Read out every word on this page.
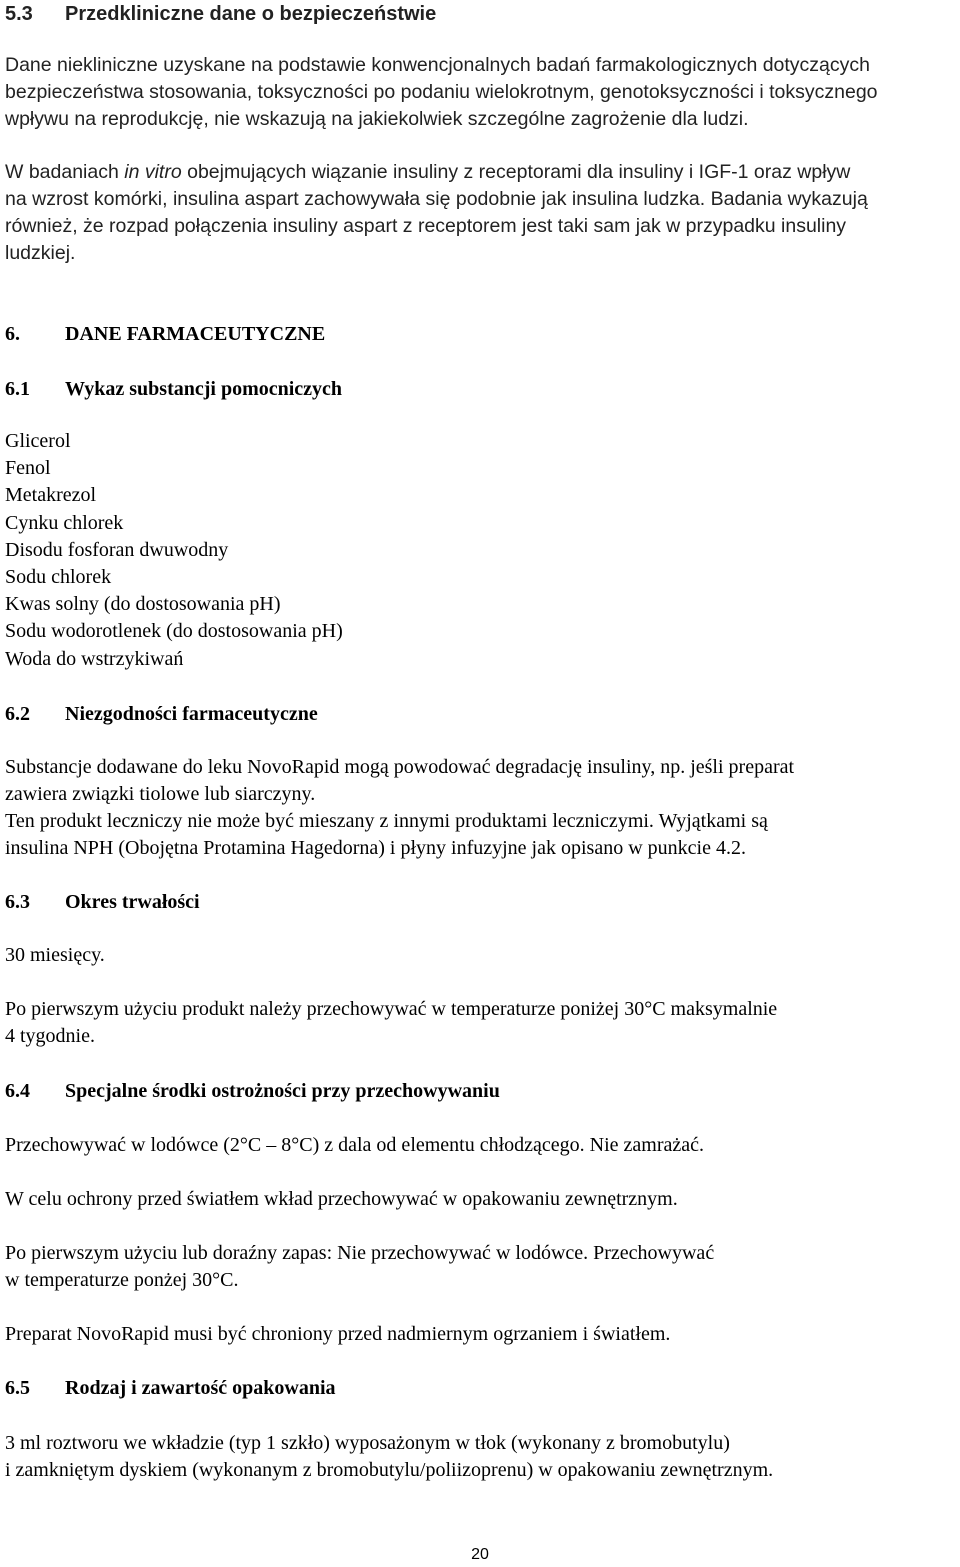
5.3 Przedkliniczne dane o bezpieczeństwie
Dane niekliniczne uzyskane na podstawie konwencjonalnych badań farmakologicznych dotyczących
bezpieczeństwa stosowania, toksyczności po podaniu wielokrotnym, genotoksyczności i toksycznego
wpływu na reprodukcję, nie wskazują na jakiekolwiek szczególne zagrożenie dla ludzi.
W badaniach in vitro obejmujących wiązanie insuliny z receptorami dla insuliny i IGF-1 oraz wpływ
na wzrost komórki, insulina aspart zachowywała się podobnie jak insulina ludzka. Badania wykazują
również, że rozpad połączenia insuliny aspart z receptorem jest taki sam jak w przypadku insuliny
ludzkiej.
6. DANE FARMACEUTYCZNE
6.1 Wykaz substancji pomocniczych
Glicerol
Fenol
Metakrezol
Cynku chlorek
Disodu fosforan dwuwodny
Sodu chlorek
Kwas solny (do dostosowania pH)
Sodu wodorotlenek (do dostosowania pH)
Woda do wstrzykiwań
6.2 Niezgodności farmaceutyczne
Substancje dodawane do leku NovoRapid mogą powodować degradację insuliny, np. jeśli preparat
zawiera związki tiolowe lub siarczyny.
Ten produkt leczniczy nie może być mieszany z innymi produktami leczniczymi. Wyjątkami są
insulina NPH (Obojętna Protamina Hagedorna) i płyny infuzyjne jak opisano w punkcie 4.2.
6.3 Okres trwałości
30 miesięcy.
Po pierwszym użyciu produkt należy przechowywać w temperaturze poniżej 30°C maksymalnie
4 tygodnie.
6.4 Specjalne środki ostrożności przy przechowywaniu
Przechowywać w lodówce (2°C – 8°C) z dala od elementu chłodzącego. Nie zamrażać.
W celu ochrony przed światłem wkład przechowywać w opakowaniu zewnętrznym.
Po pierwszym użyciu lub doraźny zapas: Nie przechowywać w lodówce. Przechowywać
w temperaturze ponżej 30°C.
Preparat NovoRapid musi być chroniony przed nadmiernym ogrzaniem i światłem.
6.5 Rodzaj i zawartość opakowania
3 ml roztworu we wkładzie (typ 1 szkło) wyposażonym w tłok (wykonany z bromobutylu)
i zamkniętym dyskiem (wykonanym z bromobutylu/poliizoprenu) w opakowaniu zewnętrznym.
20
